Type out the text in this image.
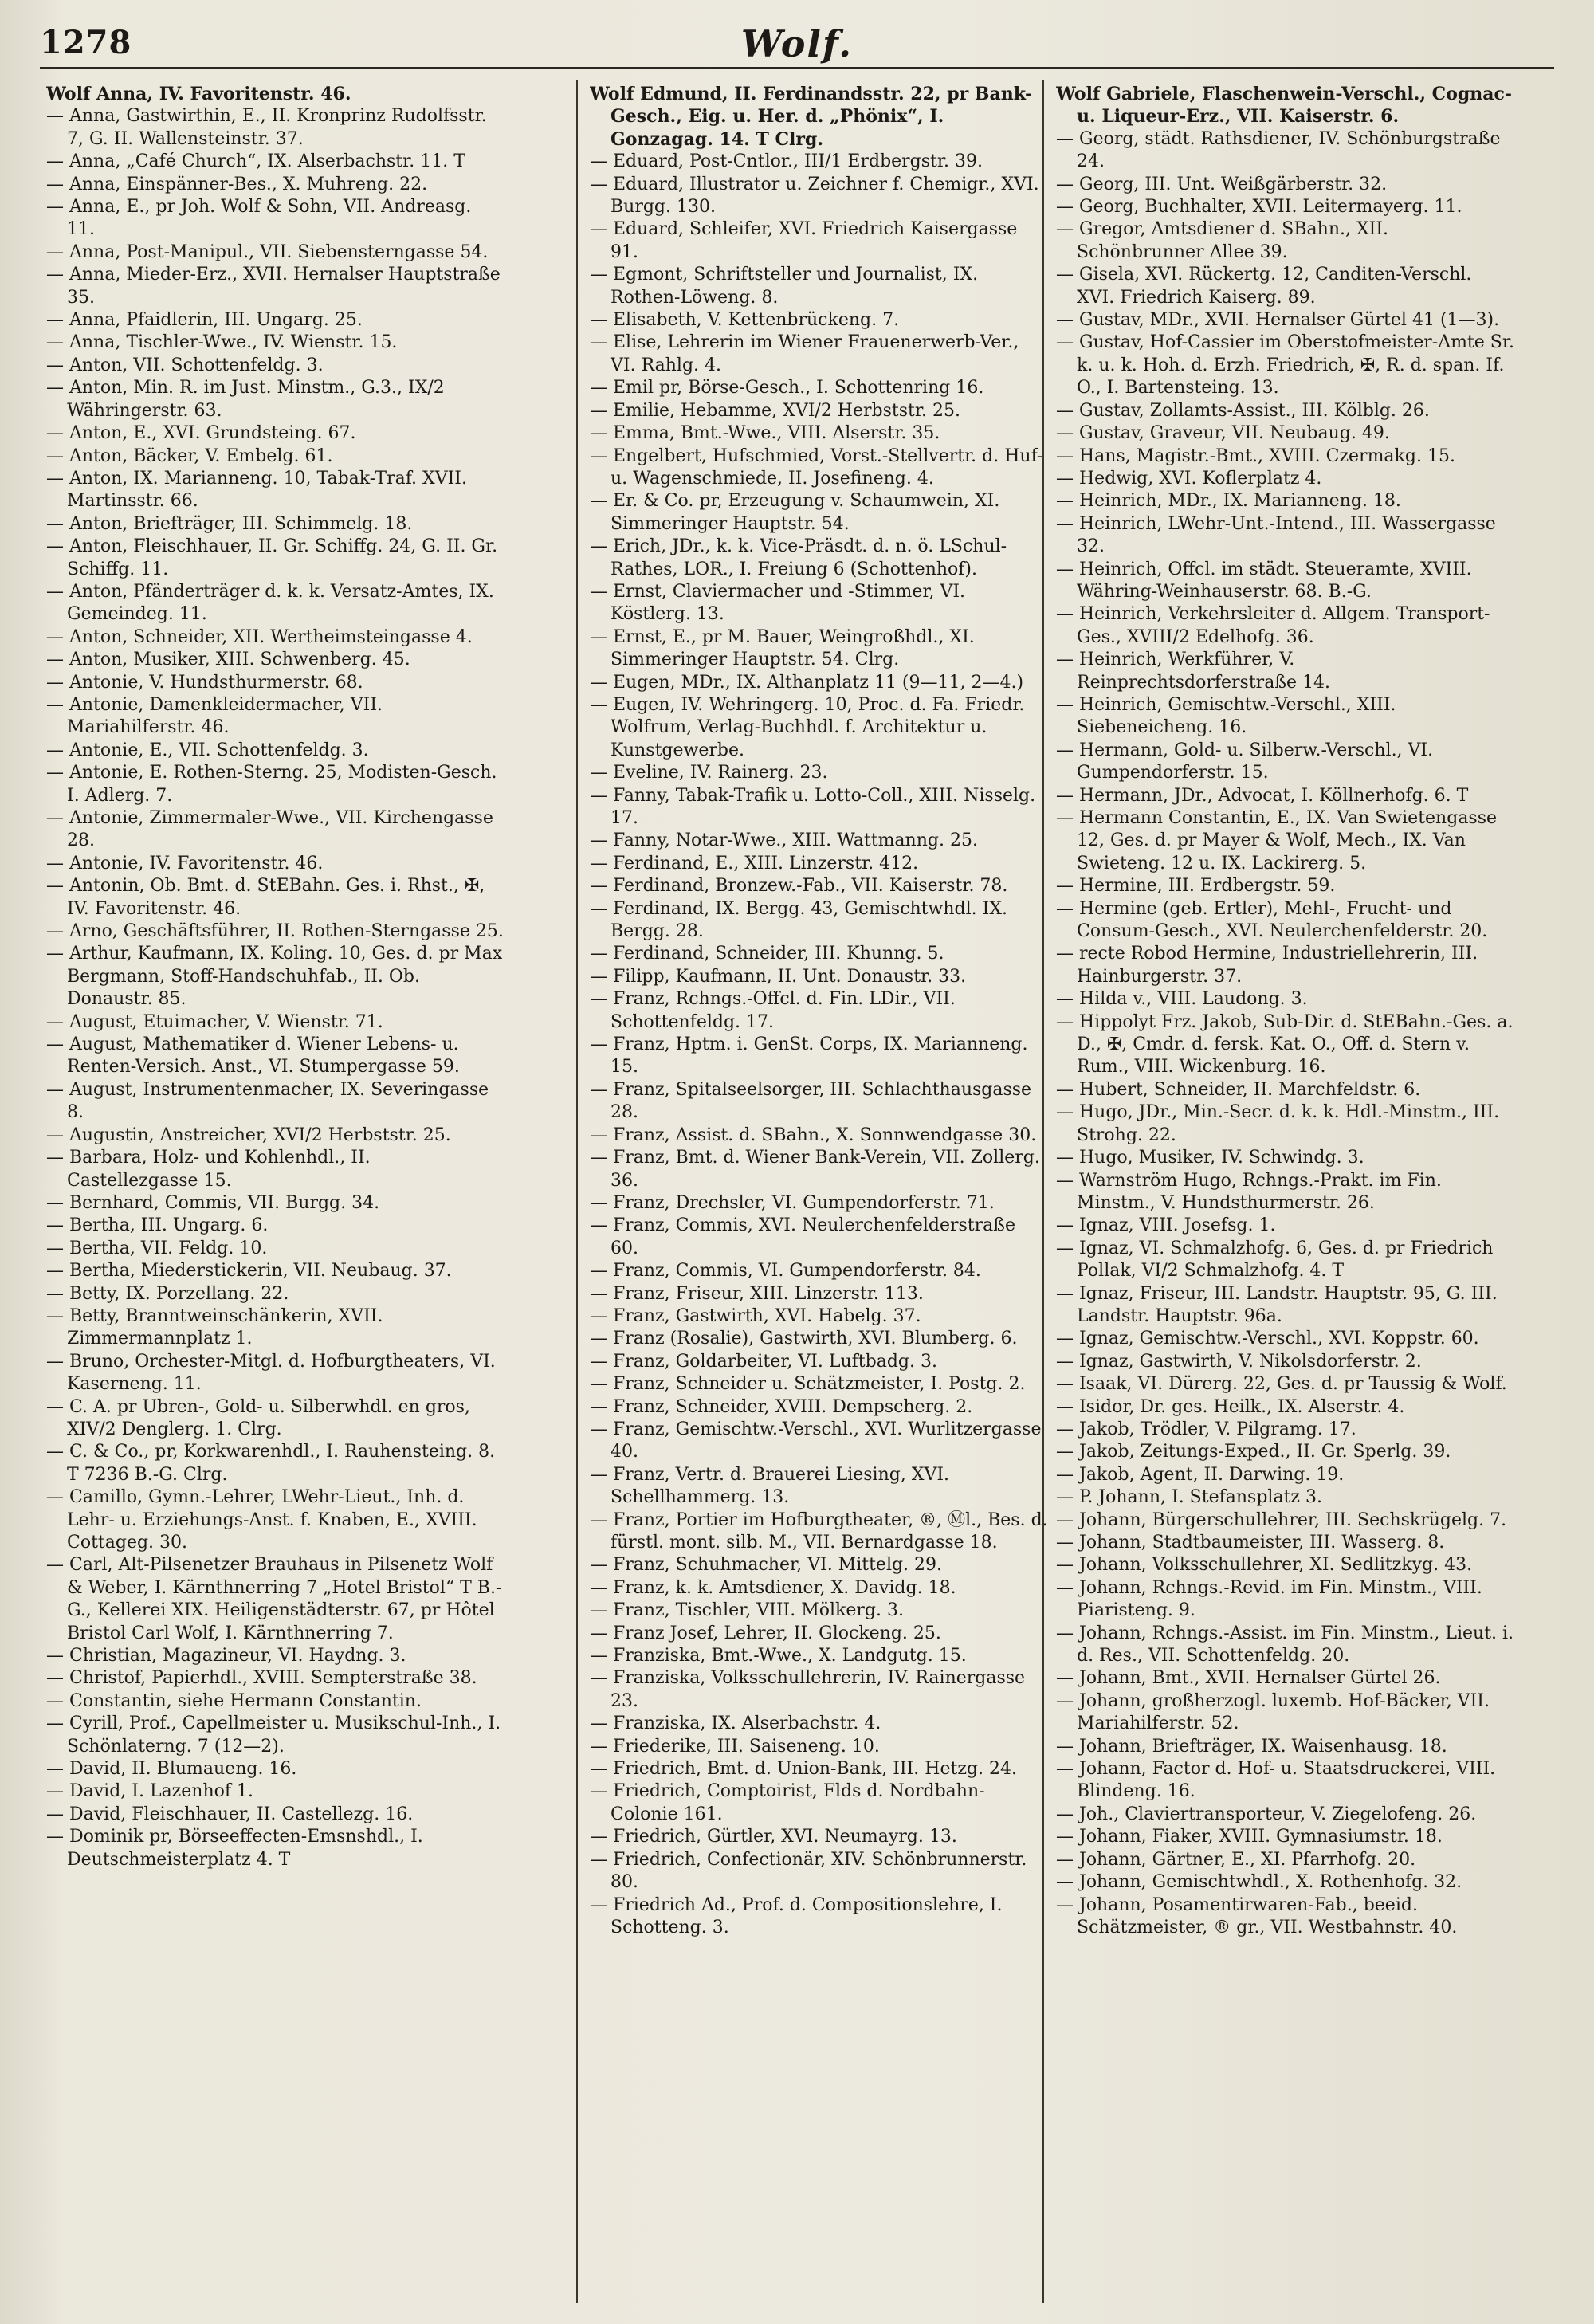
1278	Wolf.

Wolf Anna, IV. Favoritenstr. 46.

— Anna, Gastwirthin, E., II. Kronprinz Rudolfsstr. 7, G. II. Wallensteinstr. 37.

— Anna, „Café Church“, IX. Alserbachstr. 11. T

— Anna, Einspänner-Bes., X. Muhreng. 22.

— Anna, E., pr Joh. Wolf & Sohn, VII. Andreasg. 11.

— Anna, Post-Manipul., VII. Siebensterngasse 54.

— Anna, Mieder-Erz., XVII. Hernalser Hauptstraße 35.

— Anna, Pfaidlerin, III. Ungarg. 25.

— Anna, Tischler-Wwe., IV. Wienstr. 15.

— Anton, VII. Schottenfeldg. 3.

— Anton, Min. R. im Just. Minstm., G.3., IX/2 Währingerstr. 63.

— Anton, E., XVI. Grundsteing. 67.

— Anton, Bäcker, V. Embelg. 61.

— Anton, IX. Marianneng. 10, Tabak-Traf. XVII. Martinsstr. 66.

— Anton, Briefträger, III. Schimmelg. 18.

— Anton, Fleischhauer, II. Gr. Schiffg. 24, G. II. Gr. Schiffg. 11.

— Anton, Pfänderträger d. k. k. Versatz-Amtes, IX. Gemeindeg. 11.

— Anton, Schneider, XII. Wertheimsteingasse 4.

— Anton, Musiker, XIII. Schwenberg. 45.

— Antonie, V. Hundsthurmerstr. 68.

— Antonie, Damenkleidermacher, VII. Mariahilferstr. 46.

— Antonie, E., VII. Schottenfeldg. 3.

— Antonie, E. Rothen-Sterng. 25, Modisten-Gesch. I. Adlerg. 7.

— Antonie, Zimmermaler-Wwe., VII. Kirchengasse 28.

— Antonie, IV. Favoritenstr. 46.

— Antonin, Ob. Bmt. d. StEBahn. Ges. i. Rhst., ✠, IV. Favoritenstr. 46.

— Arno, Geschäftsführer, II. Rothen-Sterngasse 25.

— Arthur, Kaufmann, IX. Koling. 10, Ges. d. pr Max Bergmann, Stoff-Handschuhfab., II. Ob. Donaustr. 85.

— August, Etuimacher, V. Wienstr. 71.

— August, Mathematiker d. Wiener Lebens- u. Renten-Versich. Anst., VI. Stumpergasse 59.

— August, Instrumentenmacher, IX. Severingasse 8.

— Augustin, Anstreicher, XVI/2 Herbststr. 25.

— Barbara, Holz- und Kohlenhdl., II. Castellezgasse 15.

— Bernhard, Commis, VII. Burgg. 34.

— Bertha, III. Ungarg. 6.

— Bertha, VII. Feldg. 10.

— Bertha, Miederstickerin, VII. Neubaug. 37.

— Betty, IX. Porzellang. 22.

— Betty, Branntweinschänkerin, XVII. Zimmermannplatz 1.

— Bruno, Orchester-Mitgl. d. Hofburgtheaters, VI. Kaserneng. 11.

— C. A. pr Ubren-, Gold- u. Silberwhdl. en gros, XIV/2 Denglerg. 1. Clrg.

— C. & Co., pr, Korkwarenhdl., I. Rauhensteing. 8. T 7236 B.-G. Clrg.

— Camillo, Gymn.-Lehrer, LWehr-Lieut., Inh. d. Lehr- u. Erziehungs-Anst. f. Knaben, E., XVIII. Cottageg. 30.

— Carl, Alt-Pilsenetzer Brauhaus in Pilsenetz Wolf & Weber, I. Kärnthnerring 7 „Hotel Bristol“ T B.-G., Kellerei XIX. Heiligenstädterstr. 67, pr Hôtel Bristol Carl Wolf, I. Kärnthnerring 7.

— Christian, Magazineur, VI. Haydng. 3.

— Christof, Papierhdl., XVIII. Sempterstraße 38.

— Constantin, siehe Hermann Constantin.

— Cyrill, Prof., Capellmeister u. Musikschul-Inh., I. Schönlaterng. 7 (12—2).

— David, II. Blumaueng. 16.

— David, I. Lazenhof 1.

— David, Fleischhauer, II. Castellezg. 16.

— Dominik pr, Börseeffecten-Emsnshdl., I. Deutschmeisterplatz 4. T

Wolf Edmund, II. Ferdinandsstr. 22, pr Bank-Gesch., Eig. u. Her. d. „Phönix“, I. Gonzagag. 14. T Clrg.

— Eduard, Post-Cntlor., III/1 Erdbergstr. 39.

— Eduard, Illustrator u. Zeichner f. Chemigr., XVI. Burgg. 130.

— Eduard, Schleifer, XVI. Friedrich Kaisergasse 91.

— Egmont, Schriftsteller und Journalist, IX. Rothen-Löweng. 8.

— Elisabeth, V. Kettenbrückeng. 7.

— Elise, Lehrerin im Wiener Frauenerwerb-Ver., VI. Rahlg. 4.

— Emil pr, Börse-Gesch., I. Schottenring 16.

— Emilie, Hebamme, XVI/2 Herbststr. 25.

— Emma, Bmt.-Wwe., VIII. Alserstr. 35.

— Engelbert, Hufschmied, Vorst.-Stellvertr. d. Huf- u. Wagenschmiede, II. Josefineng. 4.

— Er. & Co. pr, Erzeugung v. Schaumwein, XI. Simmeringer Hauptstr. 54.

— Erich, JDr., k. k. Vice-Präsdt. d. n. ö. LSchul-Rathes, LOR., I. Freiung 6 (Schottenhof).

— Ernst, Claviermacher und -Stimmer, VI. Köstlerg. 13.

— Ernst, E., pr M. Bauer, Weingroßhdl., XI. Simmeringer Hauptstr. 54. Clrg.

— Eugen, MDr., IX. Althanplatz 11 (9—11, 2—4.)

— Eugen, IV. Wehringerg. 10, Proc. d. Fa. Friedr. Wolfrum, Verlag-Buchhdl. f. Architektur u. Kunstgewerbe.

— Eveline, IV. Rainerg. 23.

— Fanny, Tabak-Trafik u. Lotto-Coll., XIII. Nisselg. 17.

— Fanny, Notar-Wwe., XIII. Wattmanng. 25.

— Ferdinand, E., XIII. Linzerstr. 412.

— Ferdinand, Bronzew.-Fab., VII. Kaiserstr. 78.

— Ferdinand, IX. Bergg. 43, Gemischtwhdl. IX. Bergg. 28.

— Ferdinand, Schneider, III. Khunng. 5.

— Filipp, Kaufmann, II. Unt. Donaustr. 33.

— Franz, Rchngs.-Offcl. d. Fin. LDir., VII. Schottenfeldg. 17.

— Franz, Hptm. i. GenSt. Corps, IX. Marianneng. 15.

— Franz, Spitalseelsorger, III. Schlachthausgasse 28.

— Franz, Assist. d. SBahn., X. Sonnwendgasse 30.

— Franz, Bmt. d. Wiener Bank-Verein, VII. Zollerg. 36.

— Franz, Drechsler, VI. Gumpendorferstr. 71.

— Franz, Commis, XVI. Neulerchenfelderstraße 60.

— Franz, Commis, VI. Gumpendorferstr. 84.

— Franz, Friseur, XIII. Linzerstr. 113.

— Franz, Gastwirth, XVI. Habelg. 37.

— Franz (Rosalie), Gastwirth, XVI. Blumberg. 6.

— Franz, Goldarbeiter, VI. Luftbadg. 3.

— Franz, Schneider u. Schätzmeister, I. Postg. 2.

— Franz, Schneider, XVIII. Dempscherg. 2.

— Franz, Gemischtw.-Verschl., XVI. Wurlitzergasse 40.

— Franz, Vertr. d. Brauerei Liesing, XVI. Schellhammerg. 13.

— Franz, Portier im Hofburgtheater, ®, Ⓜl., Bes. d. fürstl. mont. silb. M., VII. Bernardgasse 18.

— Franz, Schuhmacher, VI. Mittelg. 29.

— Franz, k. k. Amtsdiener, X. Davidg. 18.

— Franz, Tischler, VIII. Mölkerg. 3.

— Franz Josef, Lehrer, II. Glockeng. 25.

— Franziska, Bmt.-Wwe., X. Landgutg. 15.

— Franziska, Volksschullehrerin, IV. Rainergasse 23.

— Franziska, IX. Alserbachstr. 4.

— Friederike, III. Saiseneng. 10.

— Friedrich, Bmt. d. Union-Bank, III. Hetzg. 24.

— Friedrich, Comptoirist, Flds d. Nordbahn-Colonie 161.

— Friedrich, Gürtler, XVI. Neumayrg. 13.

— Friedrich, Confectionär, XIV. Schönbrunnerstr. 80.

— Friedrich Ad., Prof. d. Compositionslehre, I. Schotteng. 3.

Wolf Gabriele, Flaschenwein-Verschl., Cognac- u. Liqueur-Erz., VII. Kaiserstr. 6.

— Georg, städt. Rathsdiener, IV. Schönburgstraße 24.

— Georg, III. Unt. Weißgärberstr. 32.

— Georg, Buchhalter, XVII. Leitermayerg. 11.

— Gregor, Amtsdiener d. SBahn., XII. Schönbrunner Allee 39.

— Gisela, XVI. Rückertg. 12, Canditen-Verschl. XVI. Friedrich Kaiserg. 89.

— Gustav, MDr., XVII. Hernalser Gürtel 41 (1—3).

— Gustav, Hof-Cassier im Oberstofmeister-Amte Sr. k. u. k. Hoh. d. Erzh. Friedrich, ✠, R. d. span. If. O., I. Bartensteing. 13.

— Gustav, Zollamts-Assist., III. Kölblg. 26.

— Gustav, Graveur, VII. Neubaug. 49.

— Hans, Magistr.-Bmt., XVIII. Czermakg. 15.

— Hedwig, XVI. Koflerplatz 4.

— Heinrich, MDr., IX. Marianneng. 18.

— Heinrich, LWehr-Unt.-Intend., III. Wassergasse 32.

— Heinrich, Offcl. im städt. Steueramte, XVIII. Währing-Weinhauserstr. 68. B.-G.

— Heinrich, Verkehrsleiter d. Allgem. Transport-Ges., XVIII/2 Edelhofg. 36.

— Heinrich, Werkführer, V. Reinprechtsdorferstraße 14.

— Heinrich, Gemischtw.-Verschl., XIII. Siebeneicheng. 16.

— Hermann, Gold- u. Silberw.-Verschl., VI. Gumpendorferstr. 15.

— Hermann, JDr., Advocat, I. Köllnerhofg. 6. T

— Hermann Constantin, E., IX. Van Swietengasse 12, Ges. d. pr Mayer & Wolf, Mech., IX. Van Swieteng. 12 u. IX. Lackirerg. 5.

— Hermine, III. Erdbergstr. 59.

— Hermine (geb. Ertler), Mehl-, Frucht- und Consum-Gesch., XVI. Neulerchenfelderstr. 20.

— recte Robod Hermine, Industriellehrerin, III. Hainburgerstr. 37.

— Hilda v., VIII. Laudong. 3.

— Hippolyt Frz. Jakob, Sub-Dir. d. StEBahn.-Ges. a. D., ✠, Cmdr. d. fersk. Kat. O., Off. d. Stern v. Rum., VIII. Wickenburg. 16.

— Hubert, Schneider, II. Marchfeldstr. 6.

— Hugo, JDr., Min.-Secr. d. k. k. Hdl.-Minstm., III. Strohg. 22.

— Hugo, Musiker, IV. Schwindg. 3.

— Warnström Hugo, Rchngs.-Prakt. im Fin. Minstm., V. Hundsthurmerstr. 26.

— Ignaz, VIII. Josefsg. 1.

— Ignaz, VI. Schmalzhofg. 6, Ges. d. pr Friedrich Pollak, VI/2 Schmalzhofg. 4. T

— Ignaz, Friseur, III. Landstr. Hauptstr. 95, G. III. Landstr. Hauptstr. 96a.

— Ignaz, Gemischtw.-Verschl., XVI. Koppstr. 60.

— Ignaz, Gastwirth, V. Nikolsdorferstr. 2.

— Isaak, VI. Dürerg. 22, Ges. d. pr Taussig & Wolf.

— Isidor, Dr. ges. Heilk., IX. Alserstr. 4.

— Jakob, Trödler, V. Pilgramg. 17.

— Jakob, Zeitungs-Exped., II. Gr. Sperlg. 39.

— Jakob, Agent, II. Darwing. 19.

— P. Johann, I. Stefansplatz 3.

— Johann, Bürgerschullehrer, III. Sechskrügelg. 7.

— Johann, Stadtbaumeister, III. Wasserg. 8.

— Johann, Volksschullehrer, XI. Sedlitzkyg. 43.

— Johann, Rchngs.-Revid. im Fin. Minstm., VIII. Piaristeng. 9.

— Johann, Rchngs.-Assist. im Fin. Minstm., Lieut. i. d. Res., VII. Schottenfeldg. 20.

— Johann, Bmt., XVII. Hernalser Gürtel 26.

— Johann, großherzogl. luxemb. Hof-Bäcker, VII. Mariahilferstr. 52.

— Johann, Briefträger, IX. Waisenhausg. 18.

— Johann, Factor d. Hof- u. Staatsdruckerei, VIII. Blindeng. 16.

— Joh., Claviertransporteur, V. Ziegelofeng. 26.

— Johann, Fiaker, XVIII. Gymnasiumstr. 18.

— Johann, Gärtner, E., XI. Pfarrhofg. 20.

— Johann, Gemischtwhdl., X. Rothenhofg. 32.

— Johann, Posamentirwaren-Fab., beeid. Schätzmeister, ® gr., VII. Westbahnstr. 40.
